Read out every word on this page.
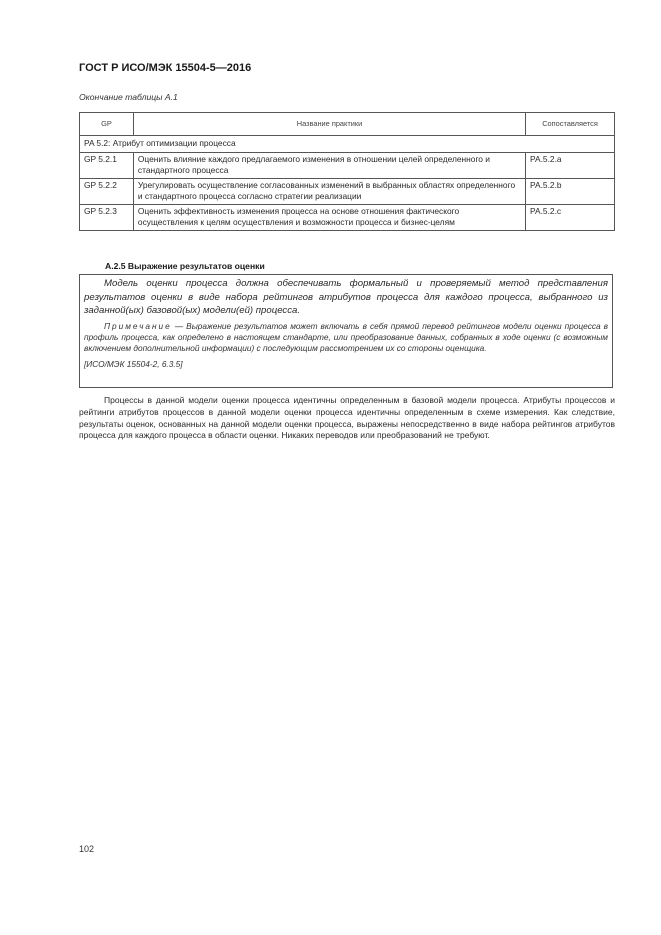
ГОСТ Р ИСО/МЭК 15504-5—2016
Окончание таблицы А.1
GP	Название практики	Сопоставляется
PA 5.2: Атрибут оптимизации процесса		
GP 5.2.1	Оценить влияние каждого предлагаемого изменения в отношении целей определенного и стандартного процесса	PA.5.2.a
GP 5.2.2	Урегулировать осуществление согласованных изменений в выбранных областях определенного и стандартного процесса согласно стратегии реализации	PA.5.2.b
GP 5.2.3	Оценить эффективность изменения процесса на основе отношения фактического осуществления к целям осуществления и возможности процесса и бизнес-целям	PA.5.2.c
A.2.5 Выражение результатов оценки

Модель оценки процесса должна обеспечивать формальный и проверяемый метод представления результатов оценки в виде набора рейтингов атрибутов процесса для каждого процесса, выбранного из заданной(ых) базовой(ых) модели(ей) процесса.

Примечание — Выражение результатов может включать в себя прямой перевод рейтингов модели оценки процесса в профиль процесса, как определено в настоящем стандарте, или преобразование данных, собранных в ходе оценки (с возможным включением дополнительной информации) с последующим рассмотрением их со стороны оценщика.

[ИСО/МЭК 15504-2, 6.3.5]

Процессы в данной модели оценки процесса идентичны определенным в базовой модели процесса. Атрибуты процессов и рейтинги атрибутов процессов в данной модели оценки процесса идентичны определенным в схеме измерения. Как следствие, результаты оценок, основанных на данной модели оценки процесса, выражены непосредственно в виде набора рейтингов атрибутов процесса для каждого процесса в области оценки. Никаких переводов или преобразований не требуют.

102
